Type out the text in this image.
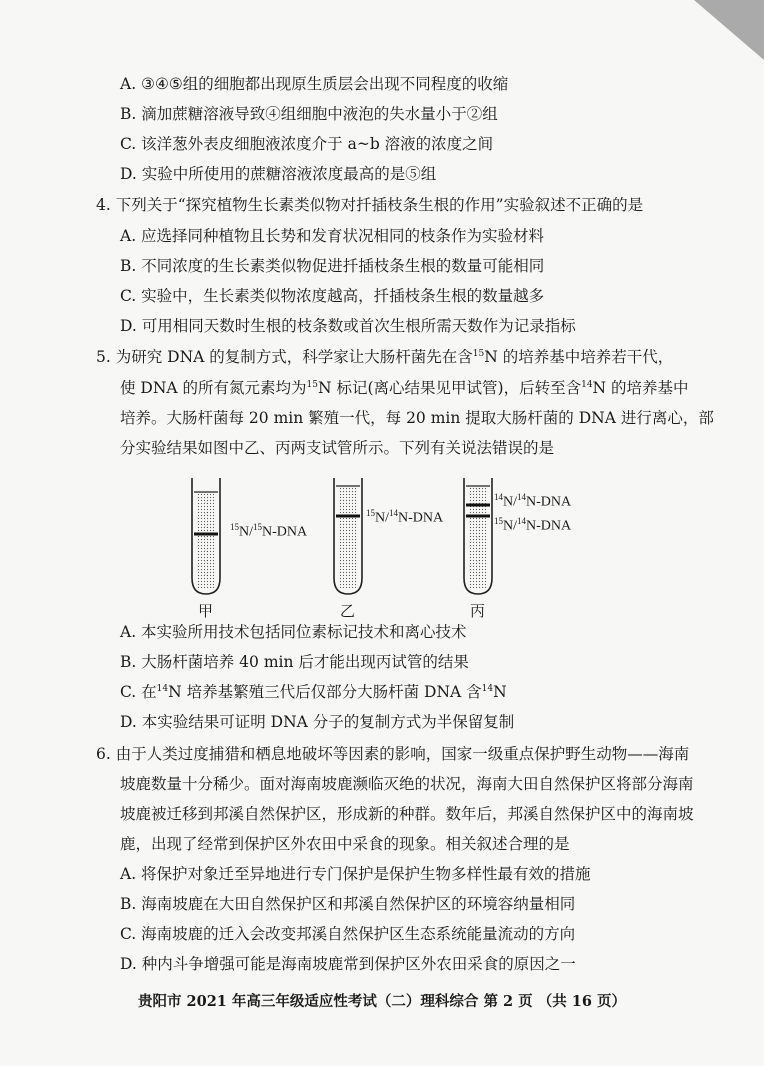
A. ③④⑤组的细胞都出现原生质层会出现不同程度的收缩
B. 滴加蔗糖溶液导致④组细胞中液泡的失水量小于②组
C. 该洋葱外表皮细胞液浓度介于 a~b 溶液的浓度之间
D. 实验中所使用的蔗糖溶液浓度最高的是⑤组
4. 下列关于“探究植物生长素类似物对扦插枝条生根的作用”实验叙述不正确的是
A. 应选择同种植物且长势和发育状况相同的枝条作为实验材料
B. 不同浓度的生长素类似物促进扦插枝条生根的数量可能相同
C. 实验中，生长素类似物浓度越高，扦插枝条生根的数量越多
D. 可用相同天数时生根的枝条数或首次生根所需天数作为记录指标
5. 为研究 DNA 的复制方式，科学家让大肠杆菌先在含$^{15}$N 的培养基中培养若干代，
使 DNA 的所有氮元素均为$^{15}$N 标记(离心结果见甲试管)，后转至含$^{14}$N 的培养基中
培养。大肠杆菌每 20 min 繁殖一代，每 20 min 提取大肠杆菌的 DNA 进行离心，部
分实验结果如图中乙、丙两支试管所示。下列有关说法错误的是
$^{15}$N/$^{15}$N-DNA
$^{15}$N/$^{14}$N-DNA
$^{14}$N/$^{14}$N-DNA
$^{15}$N/$^{14}$N-DNA
甲	乙	丙
A. 本实验所用技术包括同位素标记技术和离心技术
B. 大肠杆菌培养 40 min 后才能出现丙试管的结果
C. 在$^{14}$N 培养基繁殖三代后仅部分大肠杆菌 DNA 含$^{14}$N
D. 本实验结果可证明 DNA 分子的复制方式为半保留复制
6. 由于人类过度捕猎和栖息地破坏等因素的影响，国家一级重点保护野生动物——海南
坡鹿数量十分稀少。面对海南坡鹿濒临灭绝的状况，海南大田自然保护区将部分海南
坡鹿被迁移到邦溪自然保护区，形成新的种群。数年后，邦溪自然保护区中的海南坡
鹿，出现了经常到保护区外农田中采食的现象。相关叙述合理的是
A. 将保护对象迁至异地进行专门保护是保护生物多样性最有效的措施
B. 海南坡鹿在大田自然保护区和邦溪自然保护区的环境容纳量相同
C. 海南坡鹿的迁入会改变邦溪自然保护区生态系统能量流动的方向
D. 种内斗争增强可能是海南坡鹿常到保护区外农田采食的原因之一
贵阳市 2021 年高三年级适应性考试（二）理科综合 第 2 页 （共 16 页）
